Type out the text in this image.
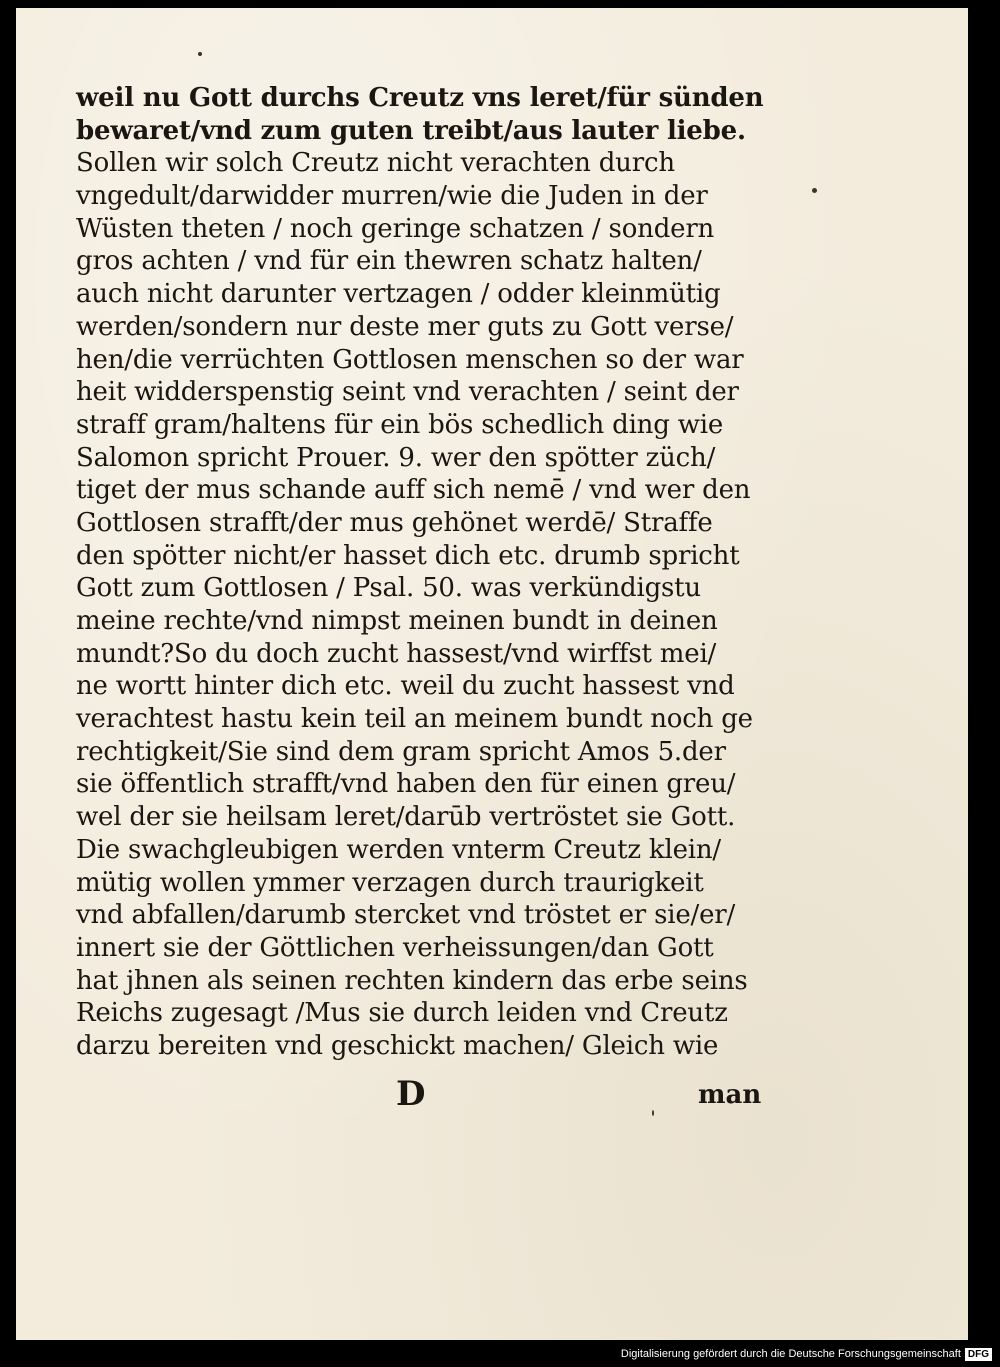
weil nu Gott durchs Creutz vns leret/für sünden
bewaret/vnd zum guten treibt/aus lauter liebe.
Sollen wir solch Creutz nicht verachten durch
vngedult/darwidder murren/wie die Juden in der
Wüsten theten / noch geringe schatzen / sondern
gros achten / vnd für ein thewren schatz halten/
auch nicht darunter vertzagen / odder kleinmütig
werden/sondern nur deste mer guts zu Gott verse/
hen/die verrüchten Gottlosen menschen so der war
heit widderspenstig seint vnd verachten / seint der
straff gram/haltens für ein bös schedlich ding wie
Salomon spricht Prouer. 9. wer den spötter züch/
tiget der mus schande auff sich nemē / vnd wer den
Gottlosen strafft/der mus gehönet werdē/ Straffe
den spötter nicht/er hasset dich etc. drumb spricht
Gott zum Gottlosen / Psal. 50. was verkündigstu
meine rechte/vnd nimpst meinen bundt in deinen
mundt?So du doch zucht hassest/vnd wirffst mei/
ne wortt hinter dich etc. weil du zucht hassest vnd
verachtest hastu kein teil an meinem bundt noch ge
rechtigkeit/Sie sind dem gram spricht Amos 5.der
sie öffentlich strafft/vnd haben den für einen greu/
wel der sie heilsam leret/darūb vertröstet sie Gott.
Die swachgleubigen werden vnterm Creutz klein/
mütig wollen ymmer verzagen durch traurigkeit
vnd abfallen/darumb stercket vnd tröstet er sie/er/
innert sie der Göttlichen verheissungen/dan Gott
hat jhnen als seinen rechten kindern das erbe seins
Reichs zugesagt /Mus sie durch leiden vnd Creutz
darzu bereiten vnd geschickt machen/ Gleich wie
D	man
Digitalisierung gefördert durch die Deutsche Forschungsgemeinschaft DFG
